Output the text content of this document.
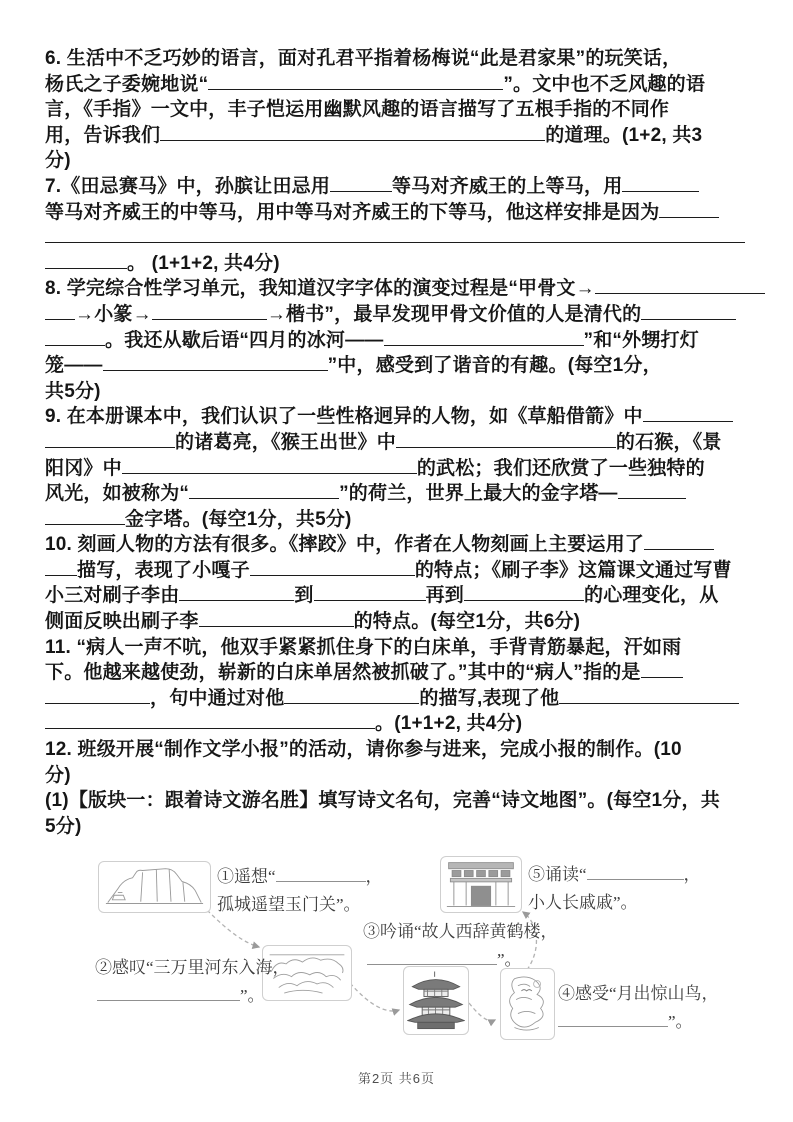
6. 生活中不乏巧妙的语言，面对孔君平指着杨梅说“此是君家果”的玩笑话，
杨氏之子委婉地说“	”。文中也不乏风趣的语
言，《手指》一文中，丰子恺运用幽默风趣的语言描写了五根手指的不同作
用，告诉我们	的道理。(1+2, 共3
分)
7.《田忌赛马》中，孙膑让田忌用	等马对齐威王的上等马，用
等马对齐威王的中等马，用中等马对齐威王的下等马，他这样安排是因为
。 (1+1+2, 共4分)
8. 学完综合性学习单元，我知道汉字字体的演变过程是“甲骨文→
→小篆→	→楷书”，最早发现甲骨文价值的人是清代的
。我还从歇后语“四月的冰河——	”和“外甥打灯
笼——	”中，感受到了谐音的有趣。(每空1分，
共5分)
9. 在本册课本中，我们认识了一些性格迥异的人物，如《草船借箭》中
的诸葛亮，《猴王出世》中	的石猴，《景
阳冈》中	的武松；我们还欣赏了一些独特的
风光，如被称为“	”的荷兰，世界上最大的金字塔—
金字塔。(每空1分，共5分)
10. 刻画人物的方法有很多。《摔跤》中，作者在人物刻画上主要运用了
描写，表现了小嘎子	的特点；《刷子李》这篇课文通过写曹
小三对刷子李由	到	再到	的心理变化，从
侧面反映出刷子李	的特点。(每空1分，共6分)
11. “病人一声不吭，他双手紧紧抓住身下的白床单，手背青筋暴起，汗如雨
下。他越来越使劲，崭新的白床单居然被抓破了。”其中的“病人”指的是
，句中通过对他	的描写,表现了他
。(1+1+2, 共4分)
12. 班级开展“制作文学小报”的活动，请你参与进来，完成小报的制作。(10
分)
(1)【版块一：跟着诗文游名胜】填写诗文名句，完善“诗文地图”。(每空1分，共
5分)
①遥想“	，
孤城遥望玉门关”。
⑤诵读“	，
小人长戚戚”。
③吟诵“故人西辞黄鹤楼，
”。
②感叹“三万里河东入海，
”。	④感受“月出惊山鸟，
”。
第2页 共6页
